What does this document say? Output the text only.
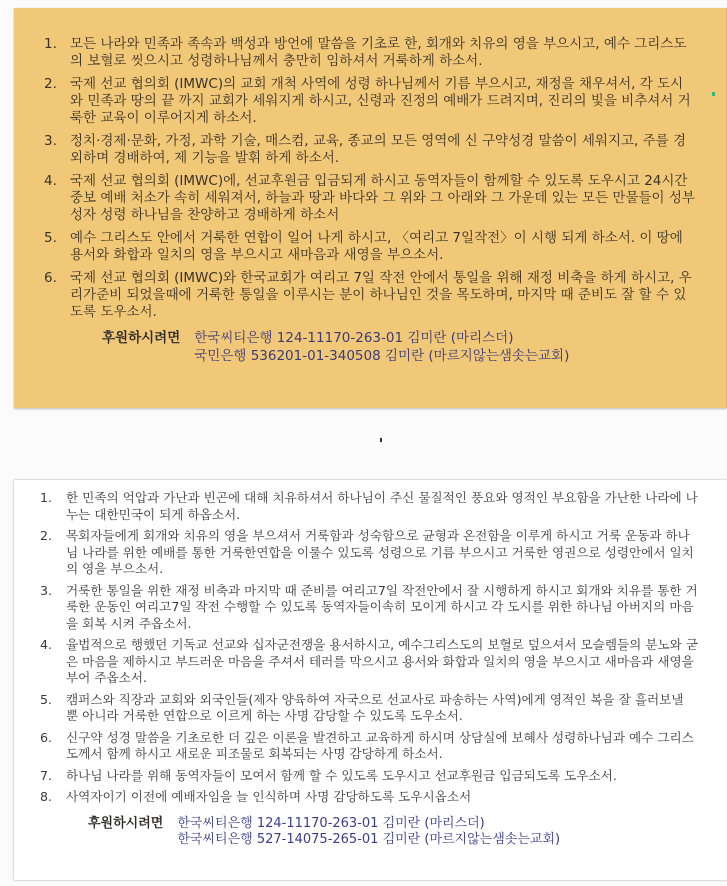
1. 모든 나라와 민족과 족속과 백성과 방언에 말씀을 기초로 한, 회개와 치유의 영을 부으시고, 예수 그리스도의 보혈로 씻으시고 성령하나님께서 충만히 임하셔서 거룩하게 하소서.
2. 국제 선교 협의회 (IMWC)의 교회 개척 사역에 성령 하나님께서 기름 부으시고, 재정을 채우셔서, 각 도시와 민족과 땅의 끝 까지 교회가 세워지게 하시고, 신령과 진정의 예배가 드려지며, 진리의 빛을 비추셔서 거룩한 교육이 이루어지게 하소서.
3. 정치·경제·문화, 가정, 과학 기술, 매스컴, 교육, 종교의 모든 영역에 신 구약성경 말씀이 세워지고, 주를 경외하며 경배하여, 제 기능을 발휘 하게 하소서.
4. 국제 선교 협의회 (IMWC)에, 선교후원금 입금되게 하시고 동역자들이 함께할 수 있도록 도우시고 24시간 중보 예배 처소가 속히 세워져서, 하늘과 땅과 바다와 그 위와 그 아래와 그 가운데 있는 모든 만물들이 성부 성자 성령 하나님을 찬양하고 경배하게 하소서
5. 예수 그리스도 안에서 거룩한 연합이 일어 나게 하시고, 〈여리고 7일작전〉이 시행 되게 하소서. 이 땅에 용서와 화합과 일치의 영을 부으시고 새마음과 새영을 부으소서.
6. 국제 선교 협의회 (IMWC)와 한국교회가 여리고 7일 작전 안에서 통일을 위해 재정 비축을 하게 하시고, 우리가준비 되었을때에 거룩한 통일을 이루시는 분이 하나님인 것을 목도하며, 마지막 때 준비도 잘 할 수 있도록 도우소서.
후원하시려면 한국씨티은행 124-11170-263-01 김미란 (마리스더)
국민은행 536201-01-340508 김미란 (마르지않는샘솟는교회)
1.	한 민족의 억압과 가난과 빈곤에 대해 치유하셔서 하나님이 주신 물질적인 풍요와 영적인 부요함을 가난한 나라에 나누는 대한민국이 되게 하옵소서.
2.	목회자들에게 회개와 치유의 영을 부으셔서 거룩함과 성숙함으로 균형과 온전함을 이루게 하시고 거룩 운동과 하나님 나라를 위한 예배를 통한 거룩한연합을 이룰수 있도록 성령으로 기름 부으시고 거룩한 영권으로 성령안에서 일치의 영을 부으소서.
3.	거룩한 통일을 위한 재정 비축과 마지막 때 준비를 여리고7일 작전안에서 잘 시행하게 하시고 회개와 치유를 통한 거룩한 운동인 여리고7일 작전 수행할 수 있도록 동역자들이속히 모이게 하시고 각 도시를 위한 하나님 아버지의 마음을 회복 시켜 주옵소서.
4.	율법적으로 행했던 기독교 선교와 십자군전쟁을 용서하시고, 예수그리스도의 보혈로 덮으셔서 모슬렘들의 분노와 굳은 마음을 제하시고 부드러운 마음을 주셔서 테러를 막으시고 용서와 화합과 일치의 영을 부으시고 새마음과 새영을 부어 주옵소서.
5.	캠퍼스와 직장과 교회와 외국인들(제자 양육하여 자국으로 선교사로 파송하는 사역)에게 영적인 복을 잘 흘러보낼 뿐 아니라 거룩한 연합으로 이르게 하는 사명 감당할 수 있도록 도우소서.
6.	신구약 성경 말씀을 기초로한 더 깊은 이론을 발견하고 교육하게 하시며 상담실에 보혜사 성령하나님과 예수 그리스도께서 함께 하시고 새로운 피조물로 회복되는 사명 감당하게 하소서.
7.	하나님 나라를 위해 동역자들이 모여서 함께 할 수 있도록 도우시고 선교후원금 입금되도록 도우소서.
8.	사역자이기 이전에 예배자임을 늘 인식하며 사명 감당하도록 도우시옵소서
후원하시려면 한국씨티은행 124-11170-263-01 김미란 (마리스더)
한국씨티은행 527-14075-265-01 김미란 (마르지않는샘솟는교회)
